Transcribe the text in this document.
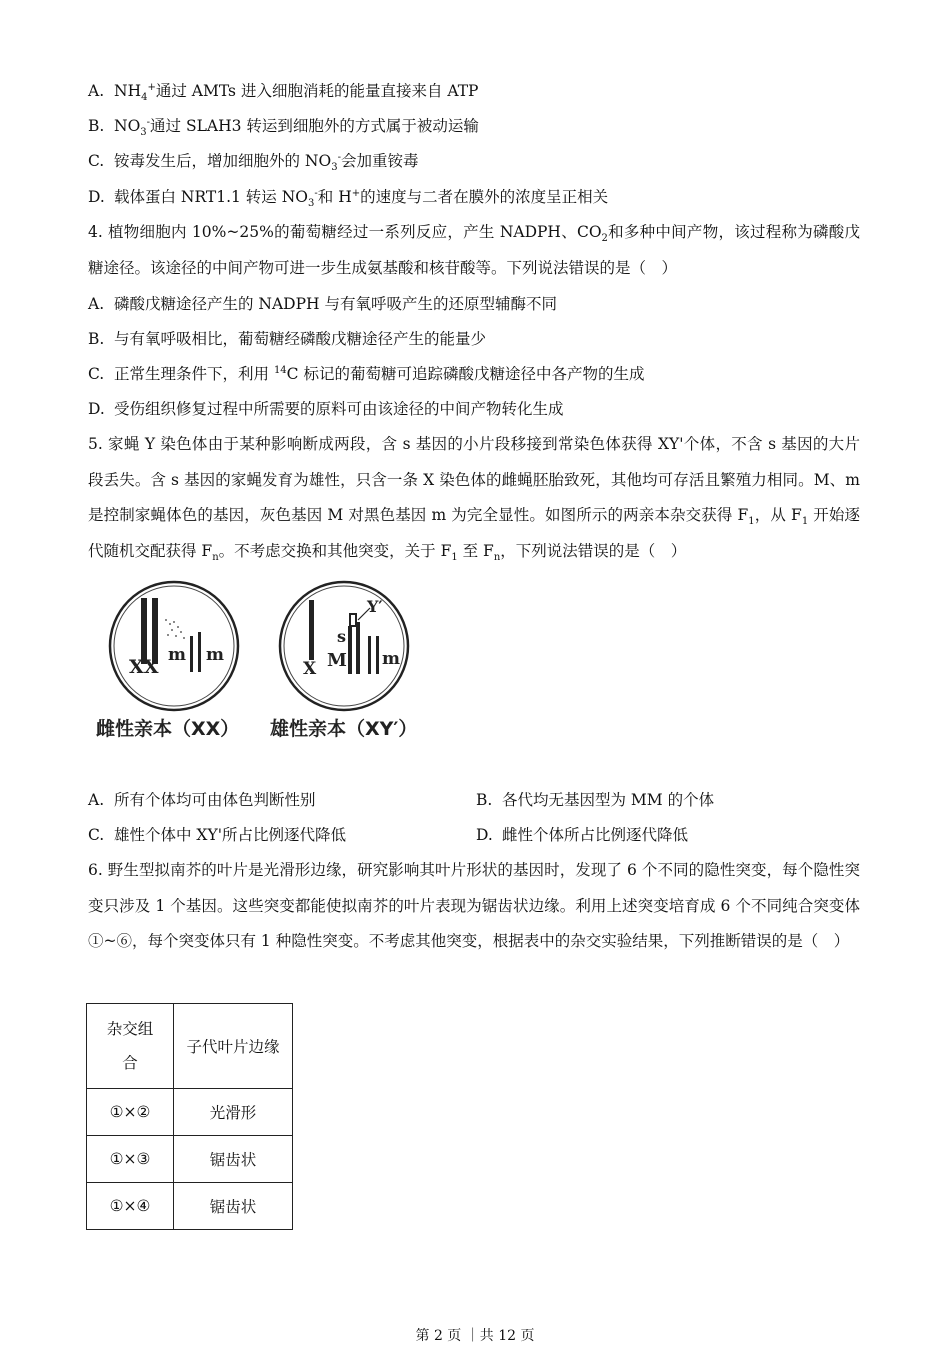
A. $NH_4^+$通过 AMTs 进入细胞消耗的能量直接来自 ATP
B. $NO_3^-$通过 SLAH3 转运到细胞外的方式属于被动运输
C. 铵毒发生后，增加细胞外的 $NO_3^-$会加重铵毒
D. 载体蛋白 NRT1.1 转运 $NO_3^-$和 H+的速度与二者在膜外的浓度呈正相关
4. 植物细胞内 10%~25%的葡萄糖经过一系列反应，产生 NADPH、$CO_2$和多种中间产物，该过程称为磷酸戊糖途径。该途径的中间产物可进一步生成氨基酸和核苷酸等。下列说法错误的是（　）
A. 磷酸戊糖途径产生的 NADPH 与有氧呼吸产生的还原型辅酶不同
B. 与有氧呼吸相比，葡萄糖经磷酸戊糖途径产生的能量少
C. 正常生理条件下，利用 $^{14}$C 标记的葡萄糖可追踪磷酸戊糖途径中各产物的生成
D. 受伤组织修复过程中所需要的原料可由该途径的中间产物转化生成
5. 家蝇 Y 染色体由于某种影响断成两段，含 s 基因的小片段移接到常染色体获得 XY'个体，不含 s 基因的大片段丢失。含 s 基因的家蝇发育为雄性，只含一条 X 染色体的雌蝇胚胎致死，其他均可存活且繁殖力相同。M、m 是控制家蝇体色的基因，灰色基因 M 对黑色基因 m 为完全显性。如图所示的两亲本杂交获得 $F_1$，从 $F_1$ 开始逐代随机交配获得 $F_n$。不考虑交换和其他突变，关于 $F_1$ 至 $F_n$，下列说法错误的是（　）
XX
m m
X
s
Y′
M m
雌性亲本（XX） 雄性亲本（XY′）
A. 所有个体均可由体色判断性别	B. 各代均无基因型为 MM 的个体
C. 雄性个体中 XY'所占比例逐代降低	D. 雌性个体所占比例逐代降低
6. 野生型拟南芥的叶片是光滑形边缘，研究影响其叶片形状的基因时，发现了 6 个不同的隐性突变，每个隐性突变只涉及 1 个基因。这些突变都能使拟南芥的叶片表现为锯齿状边缘。利用上述突变培育成 6 个不同纯合突变体①~⑥，每个突变体只有 1 种隐性突变。不考虑其他突变，根据表中的杂交实验结果，下列推断错误的是（　）
杂交组
合	子代叶片边缘
①×②	光滑形
①×③	锯齿状
①×④	锯齿状
第 2 页 ｜共 12 页
